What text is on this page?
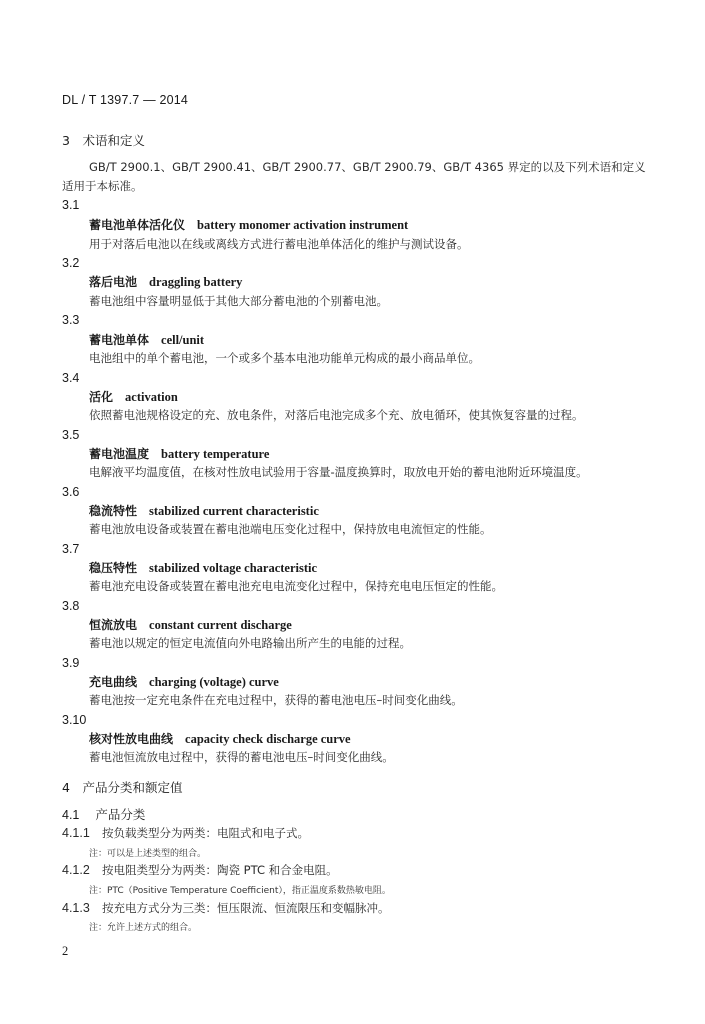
DL / T 1397.7 — 2014
3　术语和定义
GB/T 2900.1、GB/T 2900.41、GB/T 2900.77、GB/T 2900.79、GB/T 4365 界定的以及下列术语和定义
适用于本标准。
3.1
蓄电池单体活化仪 battery monomer activation instrument
用于对落后电池以在线或离线方式进行蓄电池单体活化的维护与测试设备。
3.2
落后电池 draggling battery
蓄电池组中容量明显低于其他大部分蓄电池的个别蓄电池。
3.3
蓄电池单体 cell/unit
电池组中的单个蓄电池，一个或多个基本电池功能单元构成的最小商品单位。
3.4
活化 activation
依照蓄电池规格设定的充、放电条件，对落后电池完成多个充、放电循环，使其恢复容量的过程。
3.5
蓄电池温度 battery temperature
电解液平均温度值，在核对性放电试验用于容量-温度换算时，取放电开始的蓄电池附近环境温度。
3.6
稳流特性 stabilized current characteristic
蓄电池放电设备或装置在蓄电池端电压变化过程中，保持放电电流恒定的性能。
3.7
稳压特性 stabilized voltage characteristic
蓄电池充电设备或装置在蓄电池充电电流变化过程中，保持充电电压恒定的性能。
3.8
恒流放电 constant current discharge
蓄电池以规定的恒定电流值向外电路输出所产生的电能的过程。
3.9
充电曲线 charging (voltage) curve
蓄电池按一定充电条件在充电过程中，获得的蓄电池电压–时间变化曲线。
3.10
核对性放电曲线 capacity check discharge curve
蓄电池恒流放电过程中，获得的蓄电池电压–时间变化曲线。
4　产品分类和额定值
4.1 产品分类
4.1.1 按负载类型分为两类：电阻式和电子式。
注：可以是上述类型的组合。
4.1.2 按电阻类型分为两类：陶瓷 PTC 和合金电阻。
注：PTC（Positive Temperature Coefficient），指正温度系数热敏电阻。
4.1.3 按充电方式分为三类：恒压限流、恒流限压和变幅脉冲。
注：允许上述方式的组合。
2
